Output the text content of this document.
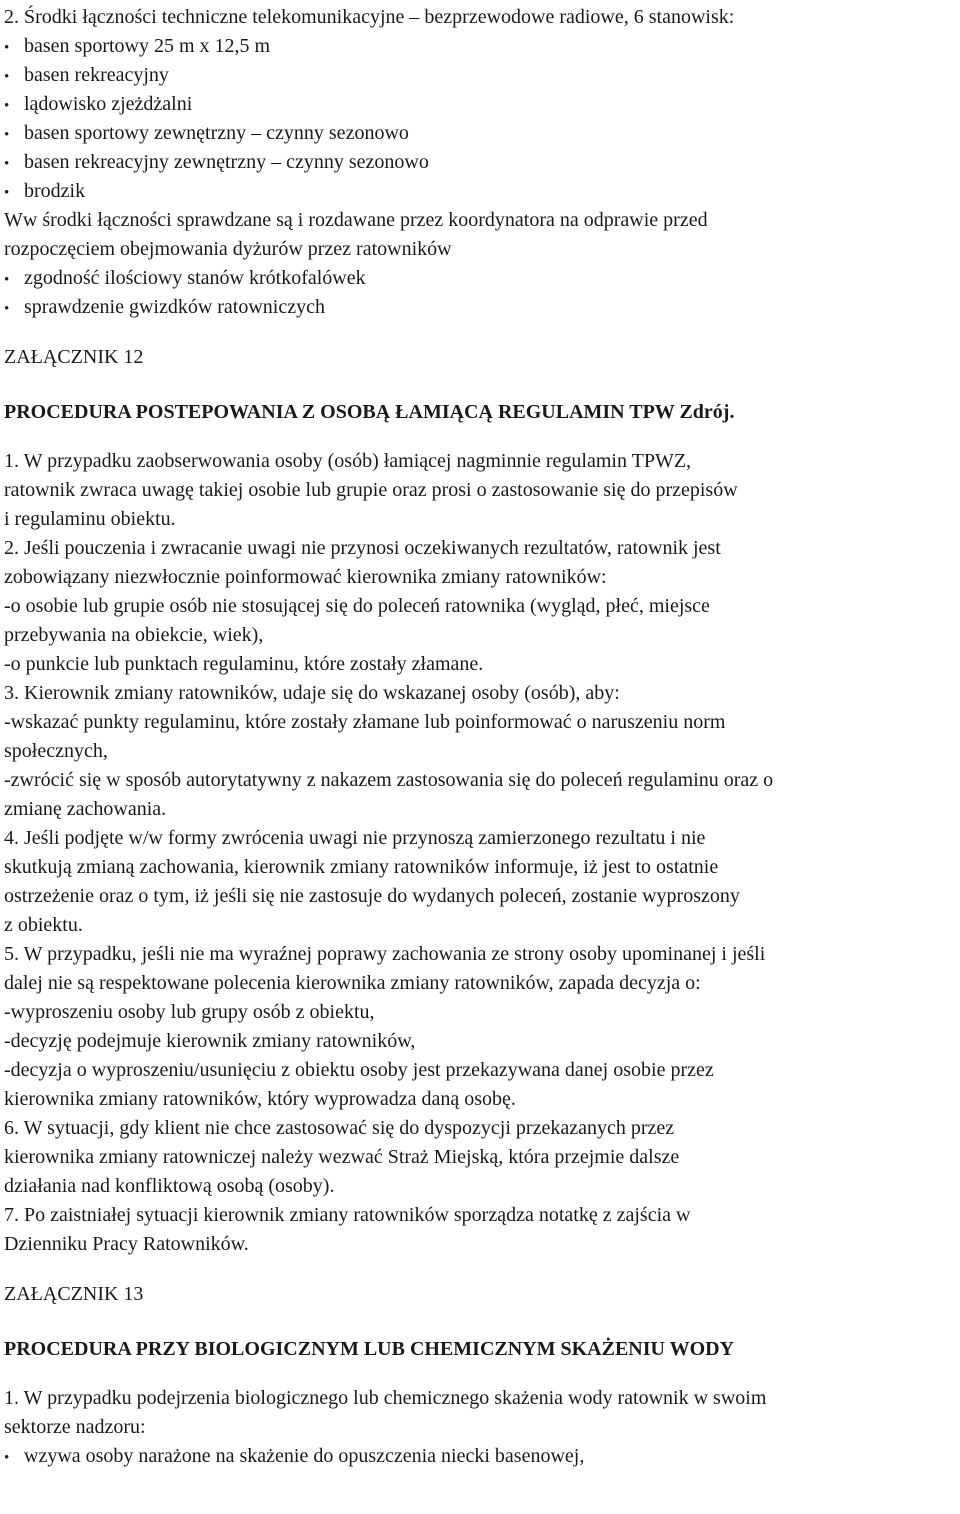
2. Środki łączności techniczne telekomunikacyjne – bezprzewodowe radiowe, 6 stanowisk:
• basen sportowy 25 m x 12,5 m
• basen rekreacyjny
• lądowisko zjeżdżalni
• basen sportowy zewnętrzny – czynny sezonowo
• basen rekreacyjny zewnętrzny – czynny sezonowo
• brodzik
Ww środki łączności sprawdzane są i rozdawane przez koordynatora na odprawie przed
rozpoczęciem obejmowania dyżurów przez ratowników
• zgodność ilościowy stanów krótkofalówek
• sprawdzenie gwizdków ratowniczych
ZAŁĄCZNIK 12
PROCEDURA POSTEPOWANIA Z OSOBĄ ŁAMIĄCĄ REGULAMIN TPW Zdrój.
1. W przypadku zaobserwowania osoby (osób) łamiącej nagminnie regulamin TPWZ,
ratownik zwraca uwagę takiej osobie lub grupie oraz prosi o zastosowanie się do przepisów
i regulaminu obiektu.
2. Jeśli pouczenia i zwracanie uwagi nie przynosi oczekiwanych rezultatów, ratownik jest
zobowiązany niezwłocznie poinformować kierownika zmiany ratowników:
-o osobie lub grupie osób nie stosującej się do poleceń ratownika (wygląd, płeć, miejsce
przebywania na obiekcie, wiek),
-o punkcie lub punktach regulaminu, które zostały złamane.
3. Kierownik zmiany ratowników, udaje się do wskazanej osoby (osób), aby:
-wskazać punkty regulaminu, które zostały złamane lub poinformować o naruszeniu norm
społecznych,
-zwrócić się w sposób autorytatywny z nakazem zastosowania się do poleceń regulaminu oraz o
zmianę zachowania.
4. Jeśli podjęte w/w formy zwrócenia uwagi nie przynoszą zamierzonego rezultatu i nie
skutkują zmianą zachowania, kierownik zmiany ratowników informuje, iż jest to ostatnie
ostrzeżenie oraz o tym, iż jeśli się nie zastosuje do wydanych poleceń, zostanie wyproszony
z obiektu.
5. W przypadku, jeśli nie ma wyraźnej poprawy zachowania ze strony osoby upominanej i jeśli
dalej nie są respektowane polecenia kierownika zmiany ratowników, zapada decyzja o:
-wyproszeniu osoby lub grupy osób z obiektu,
-decyzję podejmuje kierownik zmiany ratowników,
-decyzja o wyproszeniu/usunięciu z obiektu osoby jest przekazywana danej osobie przez
kierownika zmiany ratowników, który wyprowadza daną osobę.
6. W sytuacji, gdy klient nie chce zastosować się do dyspozycji przekazanych przez
kierownika zmiany ratowniczej należy wezwać Straż Miejską, która przejmie dalsze
działania nad konfliktową osobą (osoby).
7. Po zaistniałej sytuacji kierownik zmiany ratowników sporządza notatkę z zajścia w
Dzienniku Pracy Ratowników.
ZAŁĄCZNIK 13
PROCEDURA PRZY BIOLOGICZNYM LUB CHEMICZNYM SKAŻENIU WODY
1. W przypadku podejrzenia biologicznego lub chemicznego skażenia wody ratownik w swoim
sektorze nadzoru:
• wzywa osoby narażone na skażenie do opuszczenia niecki basenowej,
